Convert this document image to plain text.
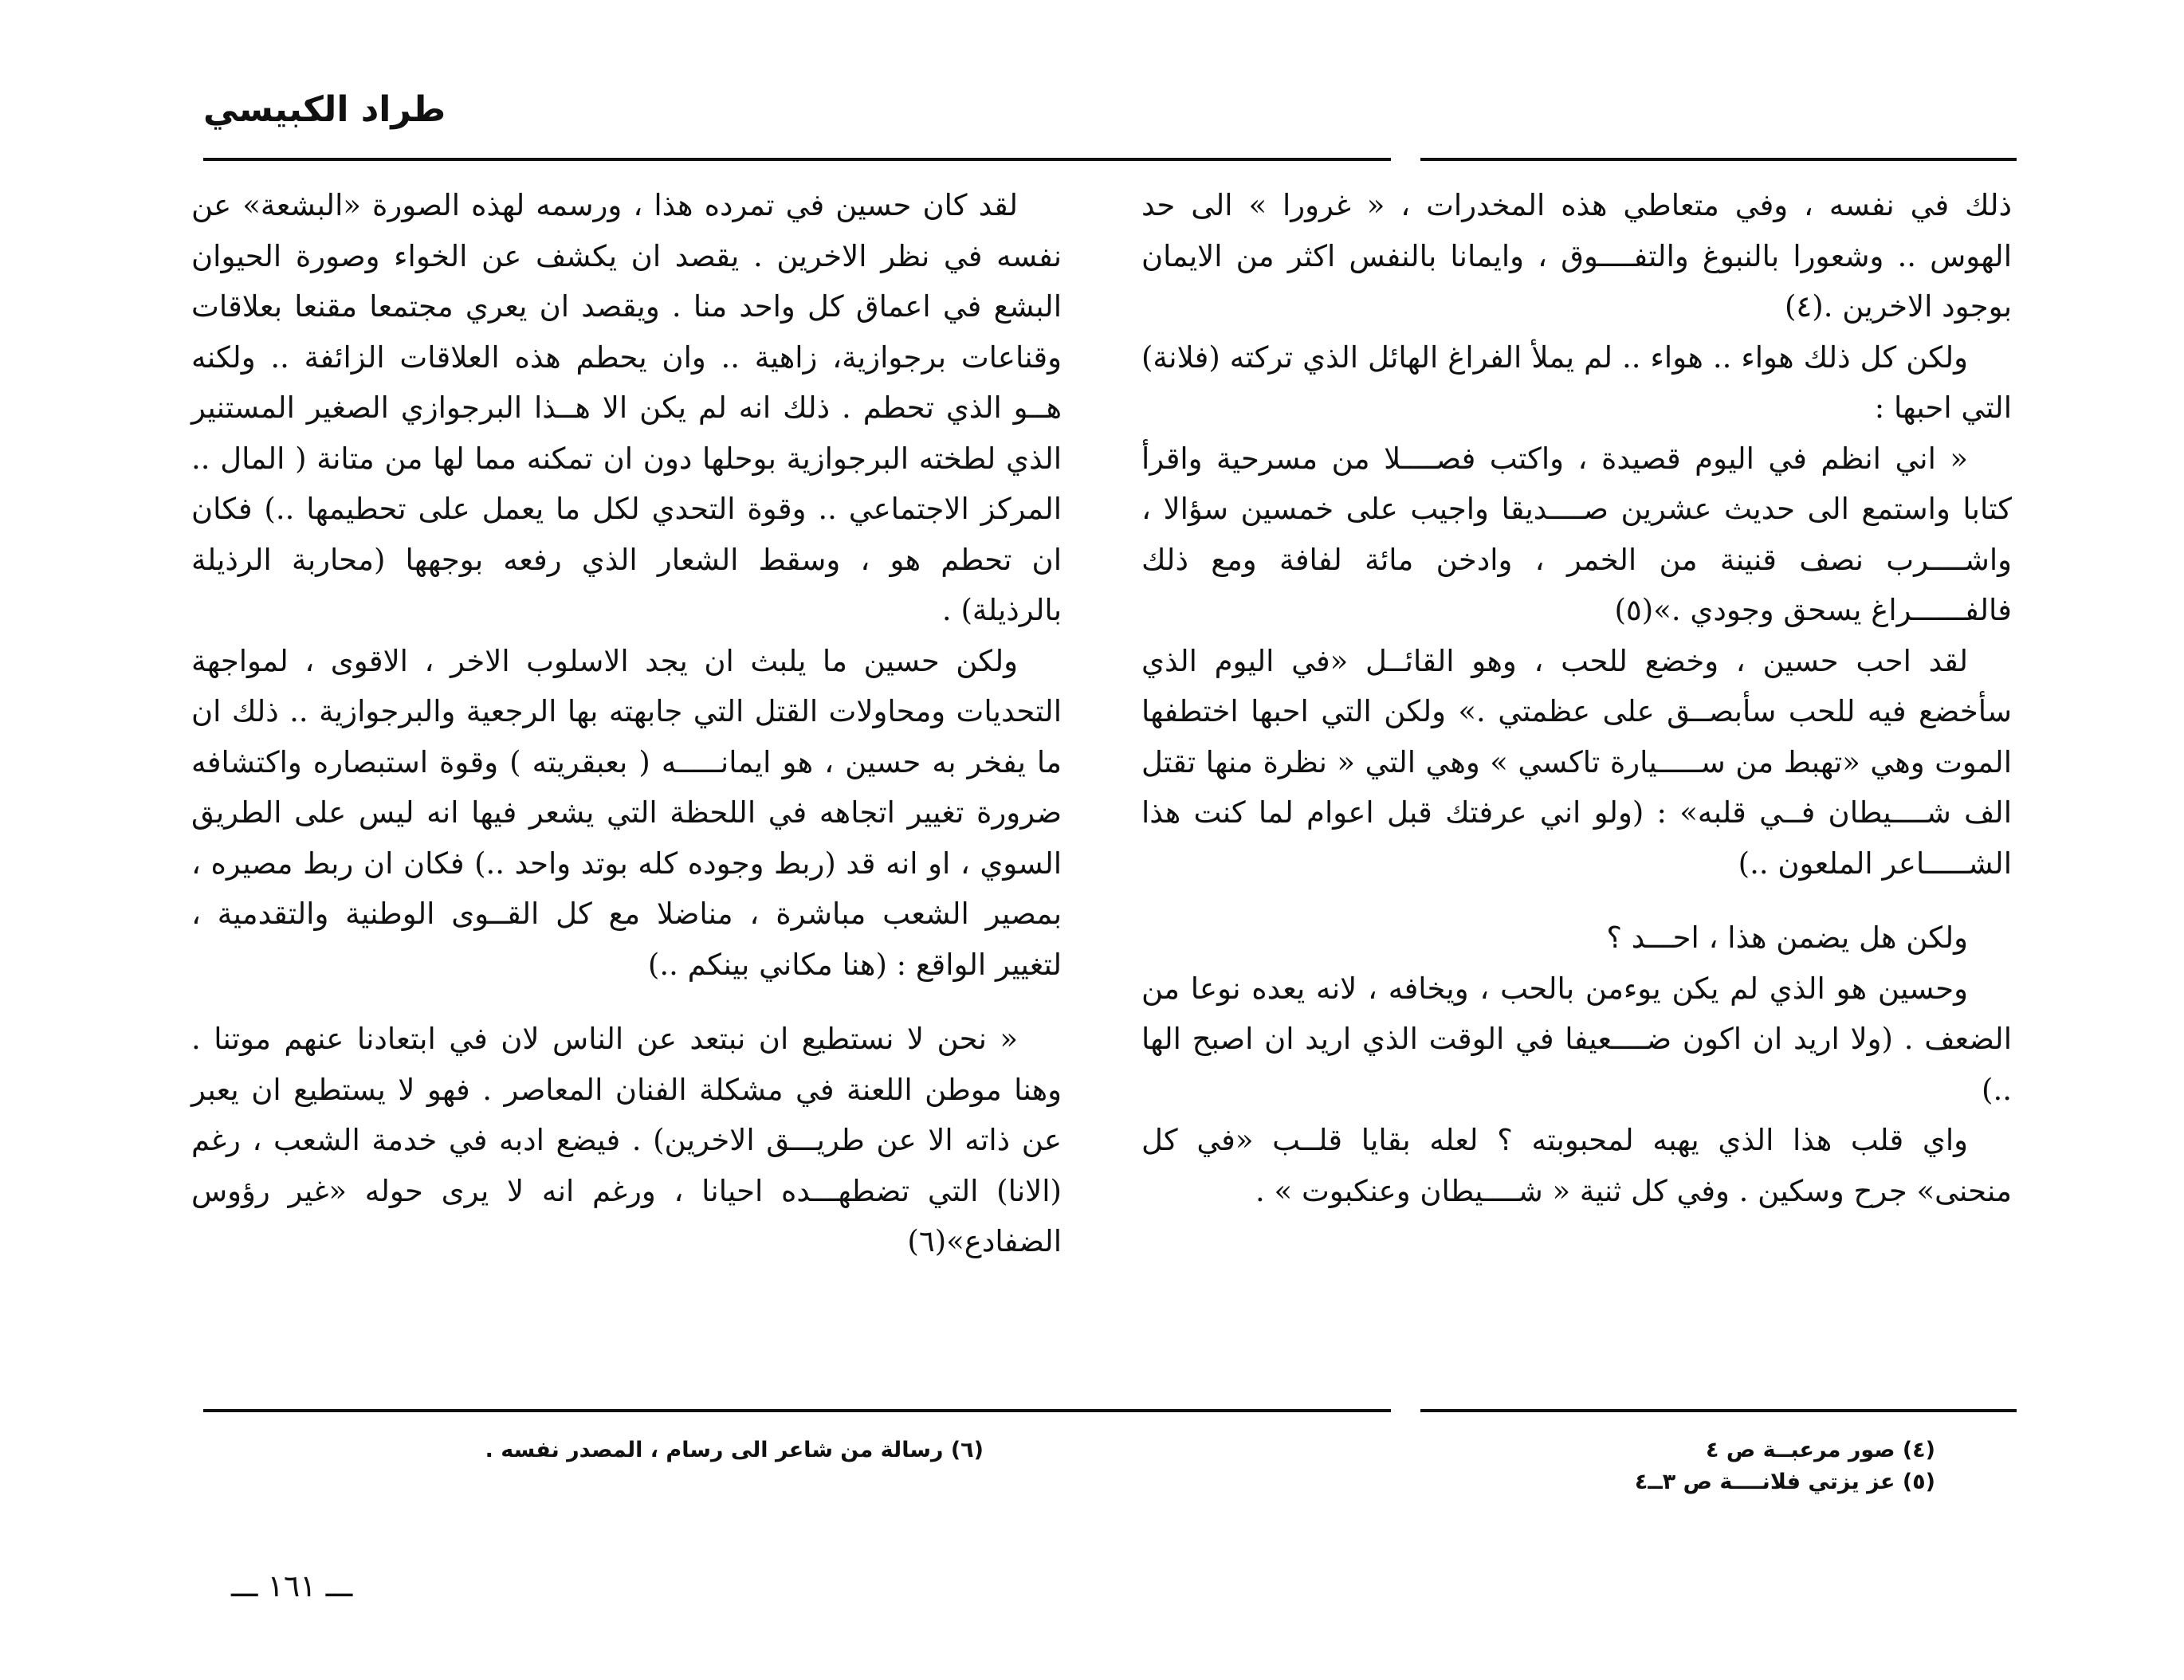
طراد الكبيسي

ذلك في نفسه ، وفي متعاطي هذه المخدرات ، « غرورا » الى حد الهوس .. وشعورا بالنبوغ والتفــــوق ، وايمانا بالنفس اكثر من الايمان بوجود الاخرين .(٤)

ولكن كل ذلك هواء .. هواء .. لم يملأ الفراغ الهائل الذي تركته (فلانة) التي احبها :

« اني انظم في اليوم قصيدة ، واكتب فصــــلا من مسرحية واقرأ كتابا واستمع الى حديث عشرين صــــديقا واجيب على خمسين سؤالا ، واشــــرب نصف قنينة من الخمر ، وادخن مائة لفافة ومع ذلك فالفــــــراغ يسحق وجودي .»(٥)

لقد احب حسين ، وخضع للحب ، وهو القائــل «في اليوم الذي سأخضع فيه للحب سأبصــق على عظمتي .» ولكن التي احبها اختطفها الموت وهي «تهبط من ســـــيارة تاكسي » وهي التي « نظرة منها تقتل الف شــــيطان فــي قلبه» : (ولو اني عرفتك قبل اعوام لما كنت هذا الشـــــاعر الملعون ..)

ولكن هل يضمن هذا ، احـــد ؟

وحسين هو الذي لم يكن يوءمن بالحب ، ويخافه ، لانه يعده نوعا من الضعف . (ولا اريد ان اكون ضــــعيفا في الوقت الذي اريد ان اصبح الها ..)

واي قلب هذا الذي يهبه لمحبوبته ؟ لعله بقايا قلــب «في كل منحنى» جرح وسكين . وفي كل ثنية « شــــيطان وعنكبوت » .

لقد كان حسين في تمرده هذا ، ورسمه لهذه الصورة «البشعة» عن نفسه في نظر الاخرين . يقصد ان يكشف عن الخواء وصورة الحيوان البشع في اعماق كل واحد منا . ويقصد ان يعري مجتمعا مقنعا بعلاقات وقناعات برجوازية، زاهية .. وان يحطم هذه العلاقات الزائفة .. ولكنه هــو الذي تحطم . ذلك انه لم يكن الا هــذا البرجوازي الصغير المستنير الذي لطخته البرجوازية بوحلها دون ان تمكنه مما لها من متانة ( المال .. المركز الاجتماعي .. وقوة التحدي لكل ما يعمل على تحطيمها ..) فكان ان تحطم هو ، وسقط الشعار الذي رفعه بوجهها (محاربة الرذيلة بالرذيلة) .

ولكن حسين ما يلبث ان يجد الاسلوب الاخر ، الاقوى ، لمواجهة التحديات ومحاولات القتل التي جابهته بها الرجعية والبرجوازية .. ذلك ان ما يفخر به حسين ، هو ايمانـــــه ( بعبقريته ) وقوة استبصاره واكتشافه ضرورة تغيير اتجاهه في اللحظة التي يشعر فيها انه ليس على الطريق السوي ، او انه قد (ربط وجوده كله بوتد واحد ..) فكان ان ربط مصيره ، بمصير الشعب مباشرة ، مناضلا مع كل القــوى الوطنية والتقدمية ، لتغيير الواقع : (هنا مكاني بينكم ..)

« نحن لا نستطيع ان نبتعد عن الناس لان في ابتعادنا عنهم موتنا . وهنا موطن اللعنة في مشكلة الفنان المعاصر . فهو لا يستطيع ان يعبر عن ذاته الا عن طريـــق الاخرين) . فيضع ادبه في خدمة الشعب ، رغم (الانا) التي تضطهـــده احيانا ، ورغم انه لا يرى حوله «غير رؤوس الضفادع»(٦)

(٤) صور مرعبــة ص ٤

(٥) عز يزتي فلانــــة ص ٣ــ٤

(٦) رسالة من شاعر الى رسام ، المصدر نفسه .

ـــ ١٦١ ـــ
